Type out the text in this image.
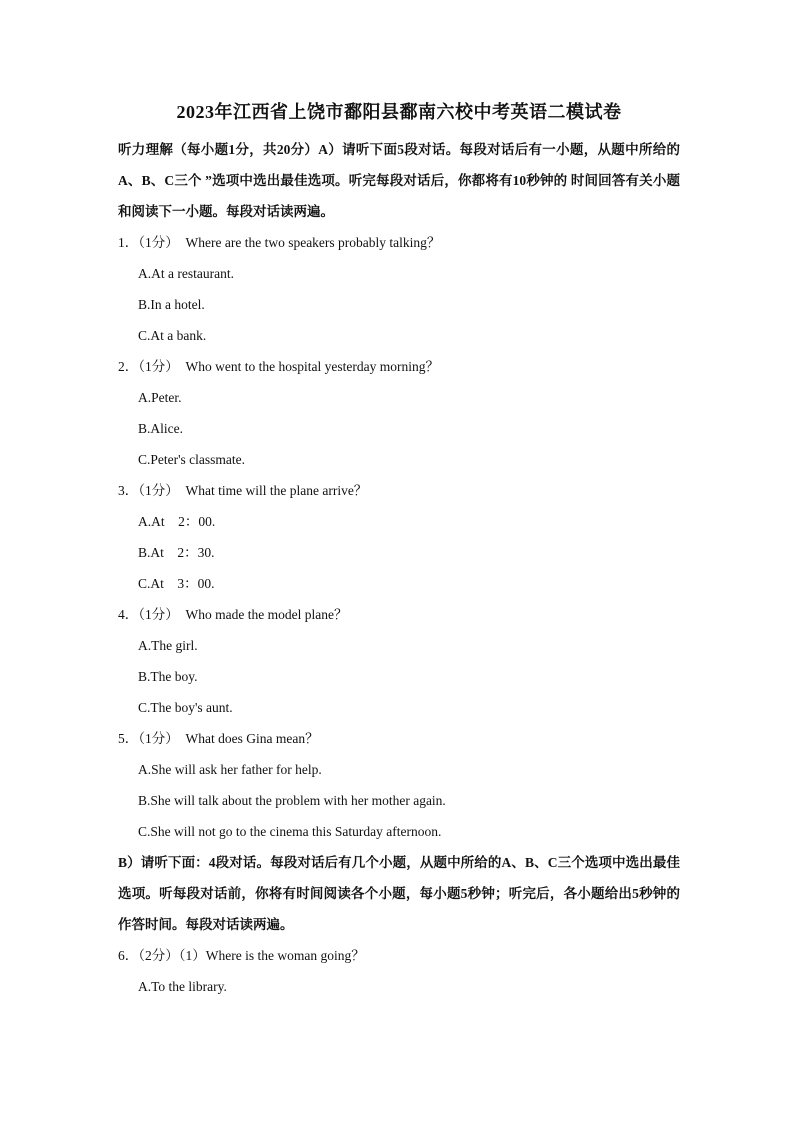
2023年江西省上饶市鄱阳县鄱南六校中考英语二模试卷

听力理解（每小题1分，共20分）A）请听下面5段对话。每段对话后有一小题，从题中所给的A、B、C三个 ”选项中选出最佳选项。听完每段对话后，你都将有10秒钟的 时间回答有关小题和阅读下一小题。每段对话读两遍。

1．（1分）  Where are the two speakers probably talking？

A.At a restaurant.

B.In a hotel.

C.At a bank.

2．（1分）  Who went to the hospital yesterday morning？

A.Peter.

B.Alice.

C.Peter's classmate.

3．（1分）  What time will the plane arrive？

A.At    2：00.

B.At    2：30.

C.At    3：00.

4．（1分）  Who made the model plane？

A.The girl.

B.The boy.

C.The boy's aunt.

5．（1分）  What does Gina mean？

A.She will ask her father for help.

B.She will talk about the problem with her mother again.

C.She will not go to the cinema this Saturday afternoon.

B）请听下面：4段对话。每段对话后有几个小题，从题中所给的A、B、C三个选项中选出最佳选项。听每段对话前，你将有时间阅读各个小题，每小题5秒钟；听完后，各小题给出5秒钟的作答时间。每段对话读两遍。

6．（2分）（1）Where is the woman going？

A.To the library.
